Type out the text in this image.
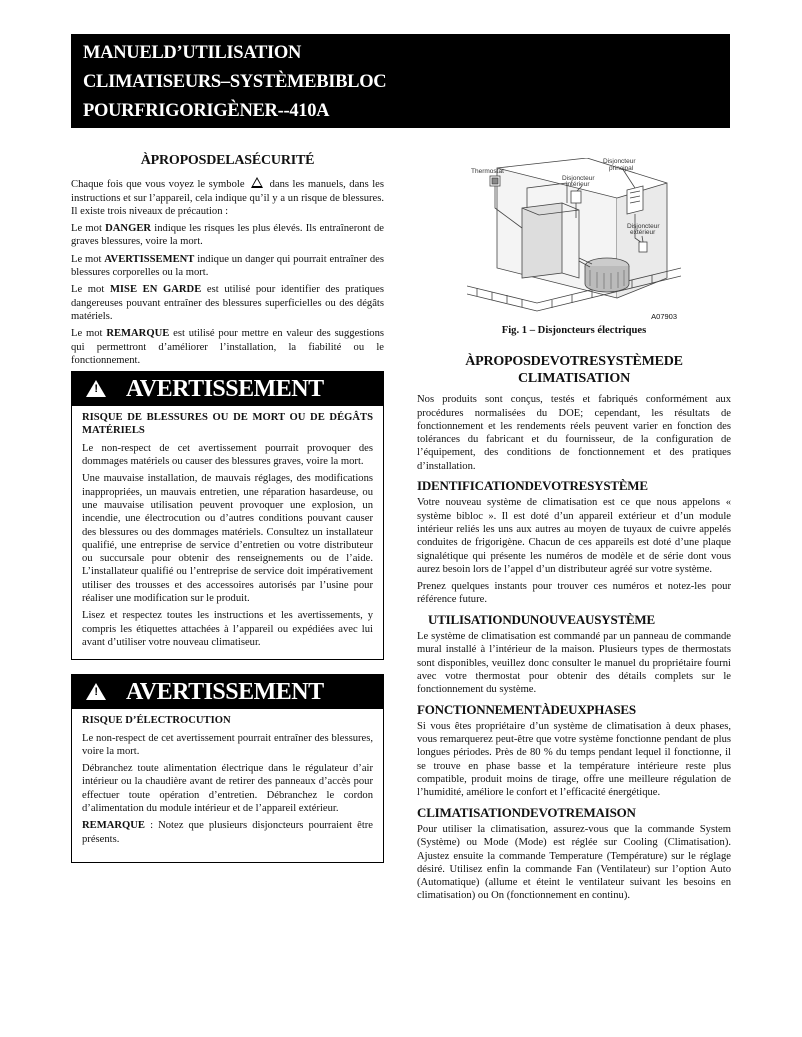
MANUELD’UTILISATION
CLIMATISEURS–SYSTÈMEBIBLOC
POURFRIGORIGÈNER--410A
ÀPROPOSDELASÉCURITÉ

Chaque fois que vous voyez le symbole dans les manuels, dans les instructions et sur l’appareil, cela indique qu’il y a un risque de blessures. Il existe trois niveaux de précaution :

Le mot DANGER indique les risques les plus élevés. Ils entraîneront de graves blessures, voire la mort.

Le mot AVERTISSEMENT indique un danger qui pourrait entraîner des blessures corporelles ou la mort.

Le mot MISE EN GARDE est utilisé pour identifier des pratiques dangereuses pouvant entraîner des blessures superficielles ou des dégâts matériels.

Le mot REMARQUE est utilisé pour mettre en valeur des suggestions qui permettront d’améliorer l’installation, la fiabilité ou le fonctionnement.

! AVERTISSEMENT

RISQUE DE BLESSURES OU DE MORT OU DE DÉGÂTS MATÉRIELS

Le non-respect de cet avertissement pourrait provoquer des dommages matériels ou causer des blessures graves, voire la mort.

Une mauvaise installation, de mauvais réglages, des modifications inappropriées, un mauvais entretien, une réparation hasardeuse, ou une mauvaise utilisation peuvent provoquer une explosion, un incendie, une électrocution ou d’autres conditions pouvant causer des blessures ou des dommages matériels. Consultez un installateur qualifié, une entreprise de service d’entretien ou votre distributeur ou succursale pour obtenir des renseignements ou de l’aide. L’installateur qualifié ou l’entreprise de service doit impérativement utiliser des trousses et des accessoires autorisés par l’usine pour réaliser une modification sur le produit.

Lisez et respectez toutes les instructions et les avertissements, y compris les étiquettes attachées à l’appareil ou expédiées avec lui avant d’utiliser votre nouveau climatiseur.

! AVERTISSEMENT

RISQUE D’ÉLECTROCUTION

Le non-respect de cet avertissement pourrait entraîner des blessures, voire la mort.

Débranchez toute alimentation électrique dans le régulateur d’air intérieur ou la chaudière avant de retirer des panneaux d’accès pour effectuer toute opération d’entretien. Débranchez le cordon d’alimentation du module intérieur et de l’appareil extérieur.

REMARQUE : Notez que plusieurs disjoncteurs pourraient être présents.

Disjoncteur
principal
Thermostat
Disjoncteur
intérieur
Disjoncteur
extérieur
A07903
Fig. 1 – Disjoncteurs électriques
ÀPROPOSDEVOTRESYSTÈMEDE
CLIMATISATION

Nos produits sont conçus, testés et fabriqués conformément aux procédures normalisées du DOE; cependant, les résultats de fonctionnement et les rendements réels peuvent varier en fonction des tolérances du fabricant et du fournisseur, de la configuration de l’équipement, des conditions de fonctionnement et des pratiques d’installation.

IDENTIFICATIONDEVOTRESYSTÈME

Votre nouveau système de climatisation est ce que nous appelons « système bibloc ». Il est doté d’un appareil extérieur et d’un module intérieur reliés les uns aux autres au moyen de tuyaux de cuivre appelés conduites de frigorigène. Chacun de ces appareils est doté d’une plaque signalétique qui présente les numéros de modèle et de série dont vous aurez besoin lors de l’appel d’un distributeur agréé sur votre système.

Prenez quelques instants pour trouver ces numéros et notez-les pour référence future.

UTILISATIONDUNOUVEAUSYSTÈME

Le système de climatisation est commandé par un panneau de commande mural installé à l’intérieur de la maison. Plusieurs types de thermostats sont disponibles, veuillez donc consulter le manuel du propriétaire fourni avec votre thermostat pour obtenir des détails complets sur le fonctionnement du système.

FONCTIONNEMENTÀDEUXPHASES

Si vous êtes propriétaire d’un système de climatisation à deux phases, vous remarquerez peut-être que votre système fonctionne pendant de plus longues périodes. Près de 80 % du temps pendant lequel il fonctionne, il se trouve en phase basse et la température intérieure reste plus compatible, produit moins de tirage, offre une meilleure régulation de l’humidité, améliore le confort et l’efficacité énergétique.

CLIMATISATIONDEVOTREMAISON

Pour utiliser la climatisation, assurez-vous que la commande System (Système) ou Mode (Mode) est réglée sur Cooling (Climatisation). Ajustez ensuite la commande Temperature (Température) sur le réglage désiré. Utilisez enfin la commande Fan (Ventilateur) sur l’option Auto (Automatique) (allume et éteint le ventilateur suivant les besoins en climatisation) ou On (fonctionnement en continu).
